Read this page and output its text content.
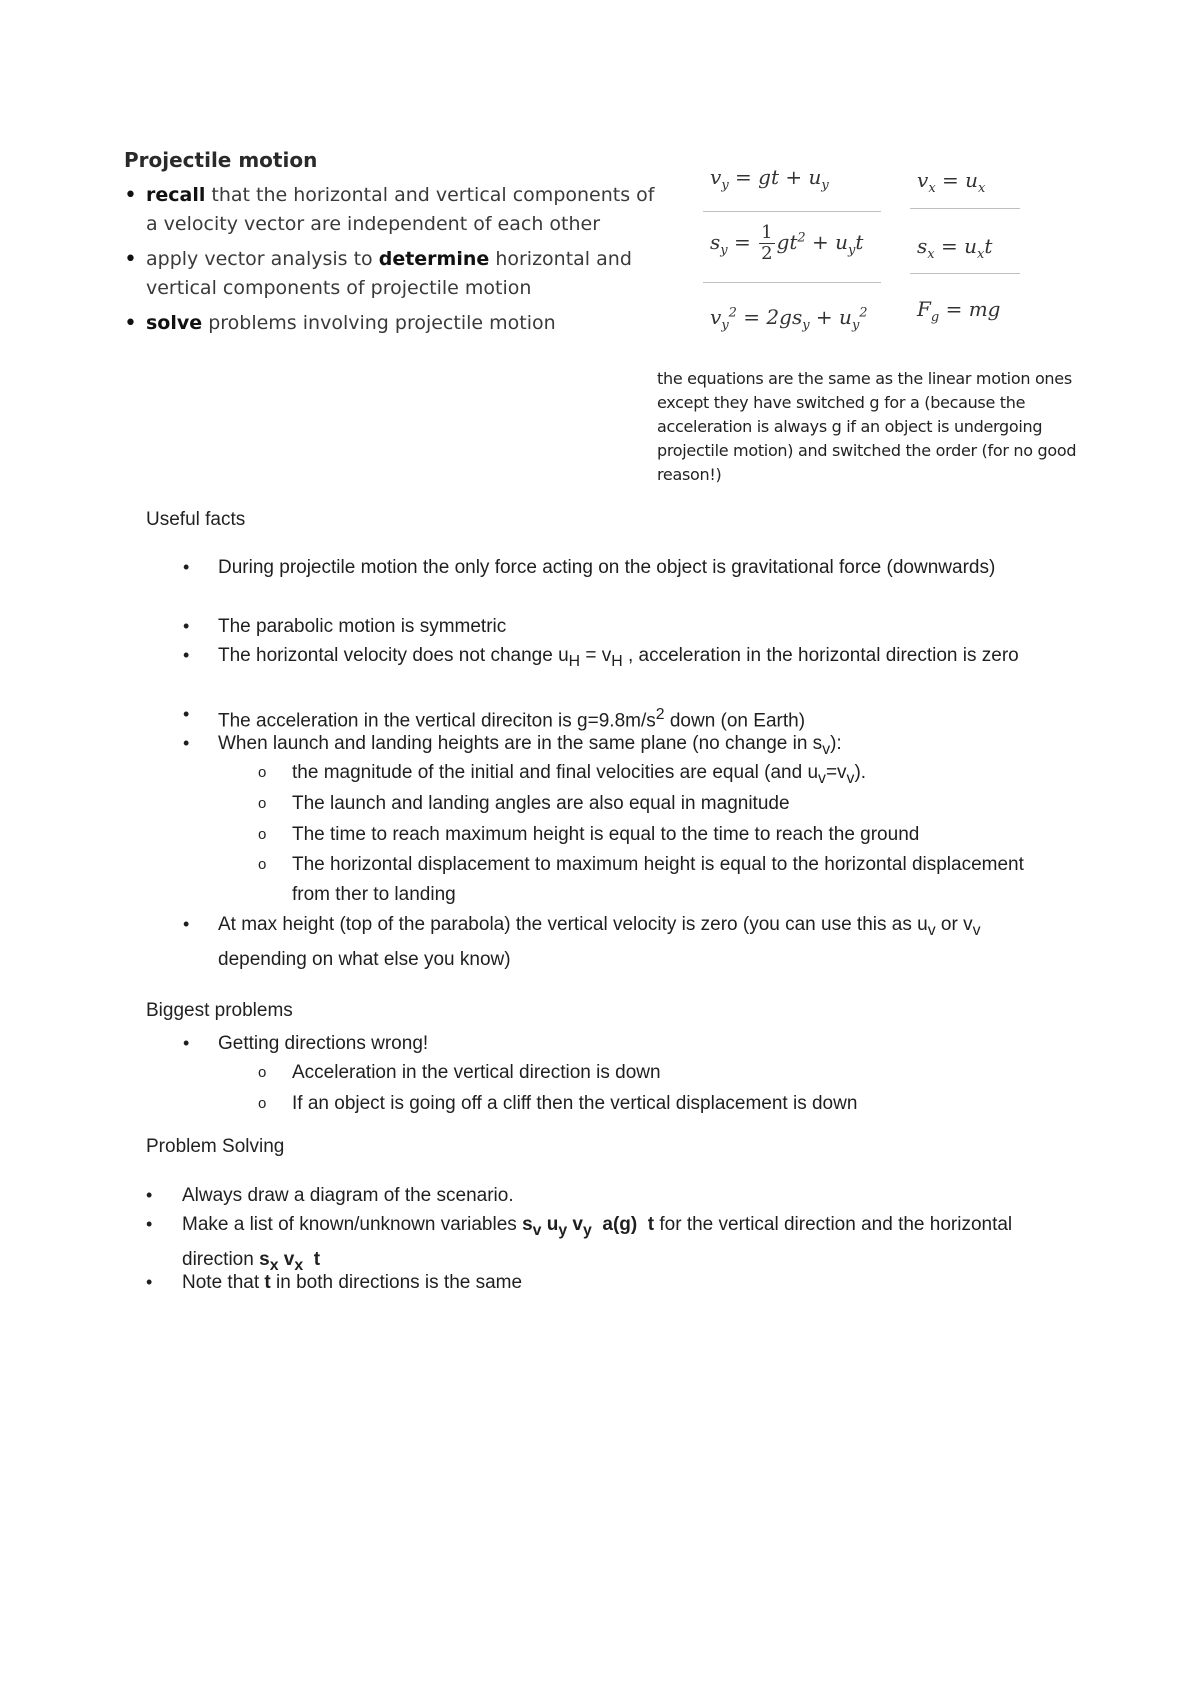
Projectile motion
• recall that the horizontal and vertical components of a velocity vector are independent of each other
• apply vector analysis to determine horizontal and vertical components of projectile motion
• solve problems involving projectile motion
$v_y$ = gt + $u_y$	$v_x = u_x$
$s_y = \frac{1}{2} gt^2 + u_yt$	$s_x = u_xt$
$v_y^2 = 2gs_y + u_y^2$ $F_g$ = mg
the equations are the same as the linear motion ones except they have switched g for a (because the acceleration is always g if an object is undergoing projectile motion) and switched the order (for no good reason!)
Useful facts
• During projectile motion the only force acting on the object is gravitational force (downwards)
• The parabolic motion is symmetric
• The horizontal velocity does not change $u_H = v_H$ , acceleration in the horizontal direction is zero
• The acceleration in the vertical direciton is $g=9.8m/s^2$ down (on Earth)
• When launch and landing heights are in the same plane (no change in $s_v$):
o the magnitude of the initial and final velocities are equal (and $u_v=v_v$).
o The launch and landing angles are also equal in magnitude
o The time to reach maximum height is equal to the time to reach the ground
o The horizontal displacement to maximum height is equal to the horizontal displacement from ther to landing
• At max height (top of the parabola) the vertical velocity is zero (you can use this as $u_v$ or $v_v$ depending on what else you know)
Biggest problems
• Getting directions wrong!
o Acceleration in the vertical direction is down
o If an object is going off a cliff then the vertical displacement is down
Problem Solving
• Always draw a diagram of the scenario.
• Make a list of known/unknown variables $s_v$ $u_y$ $v_y$  a(g)  t for the vertical direction and the horizontal direction $s_x$ $v_x$  t
• Note that t in both directions is the same
